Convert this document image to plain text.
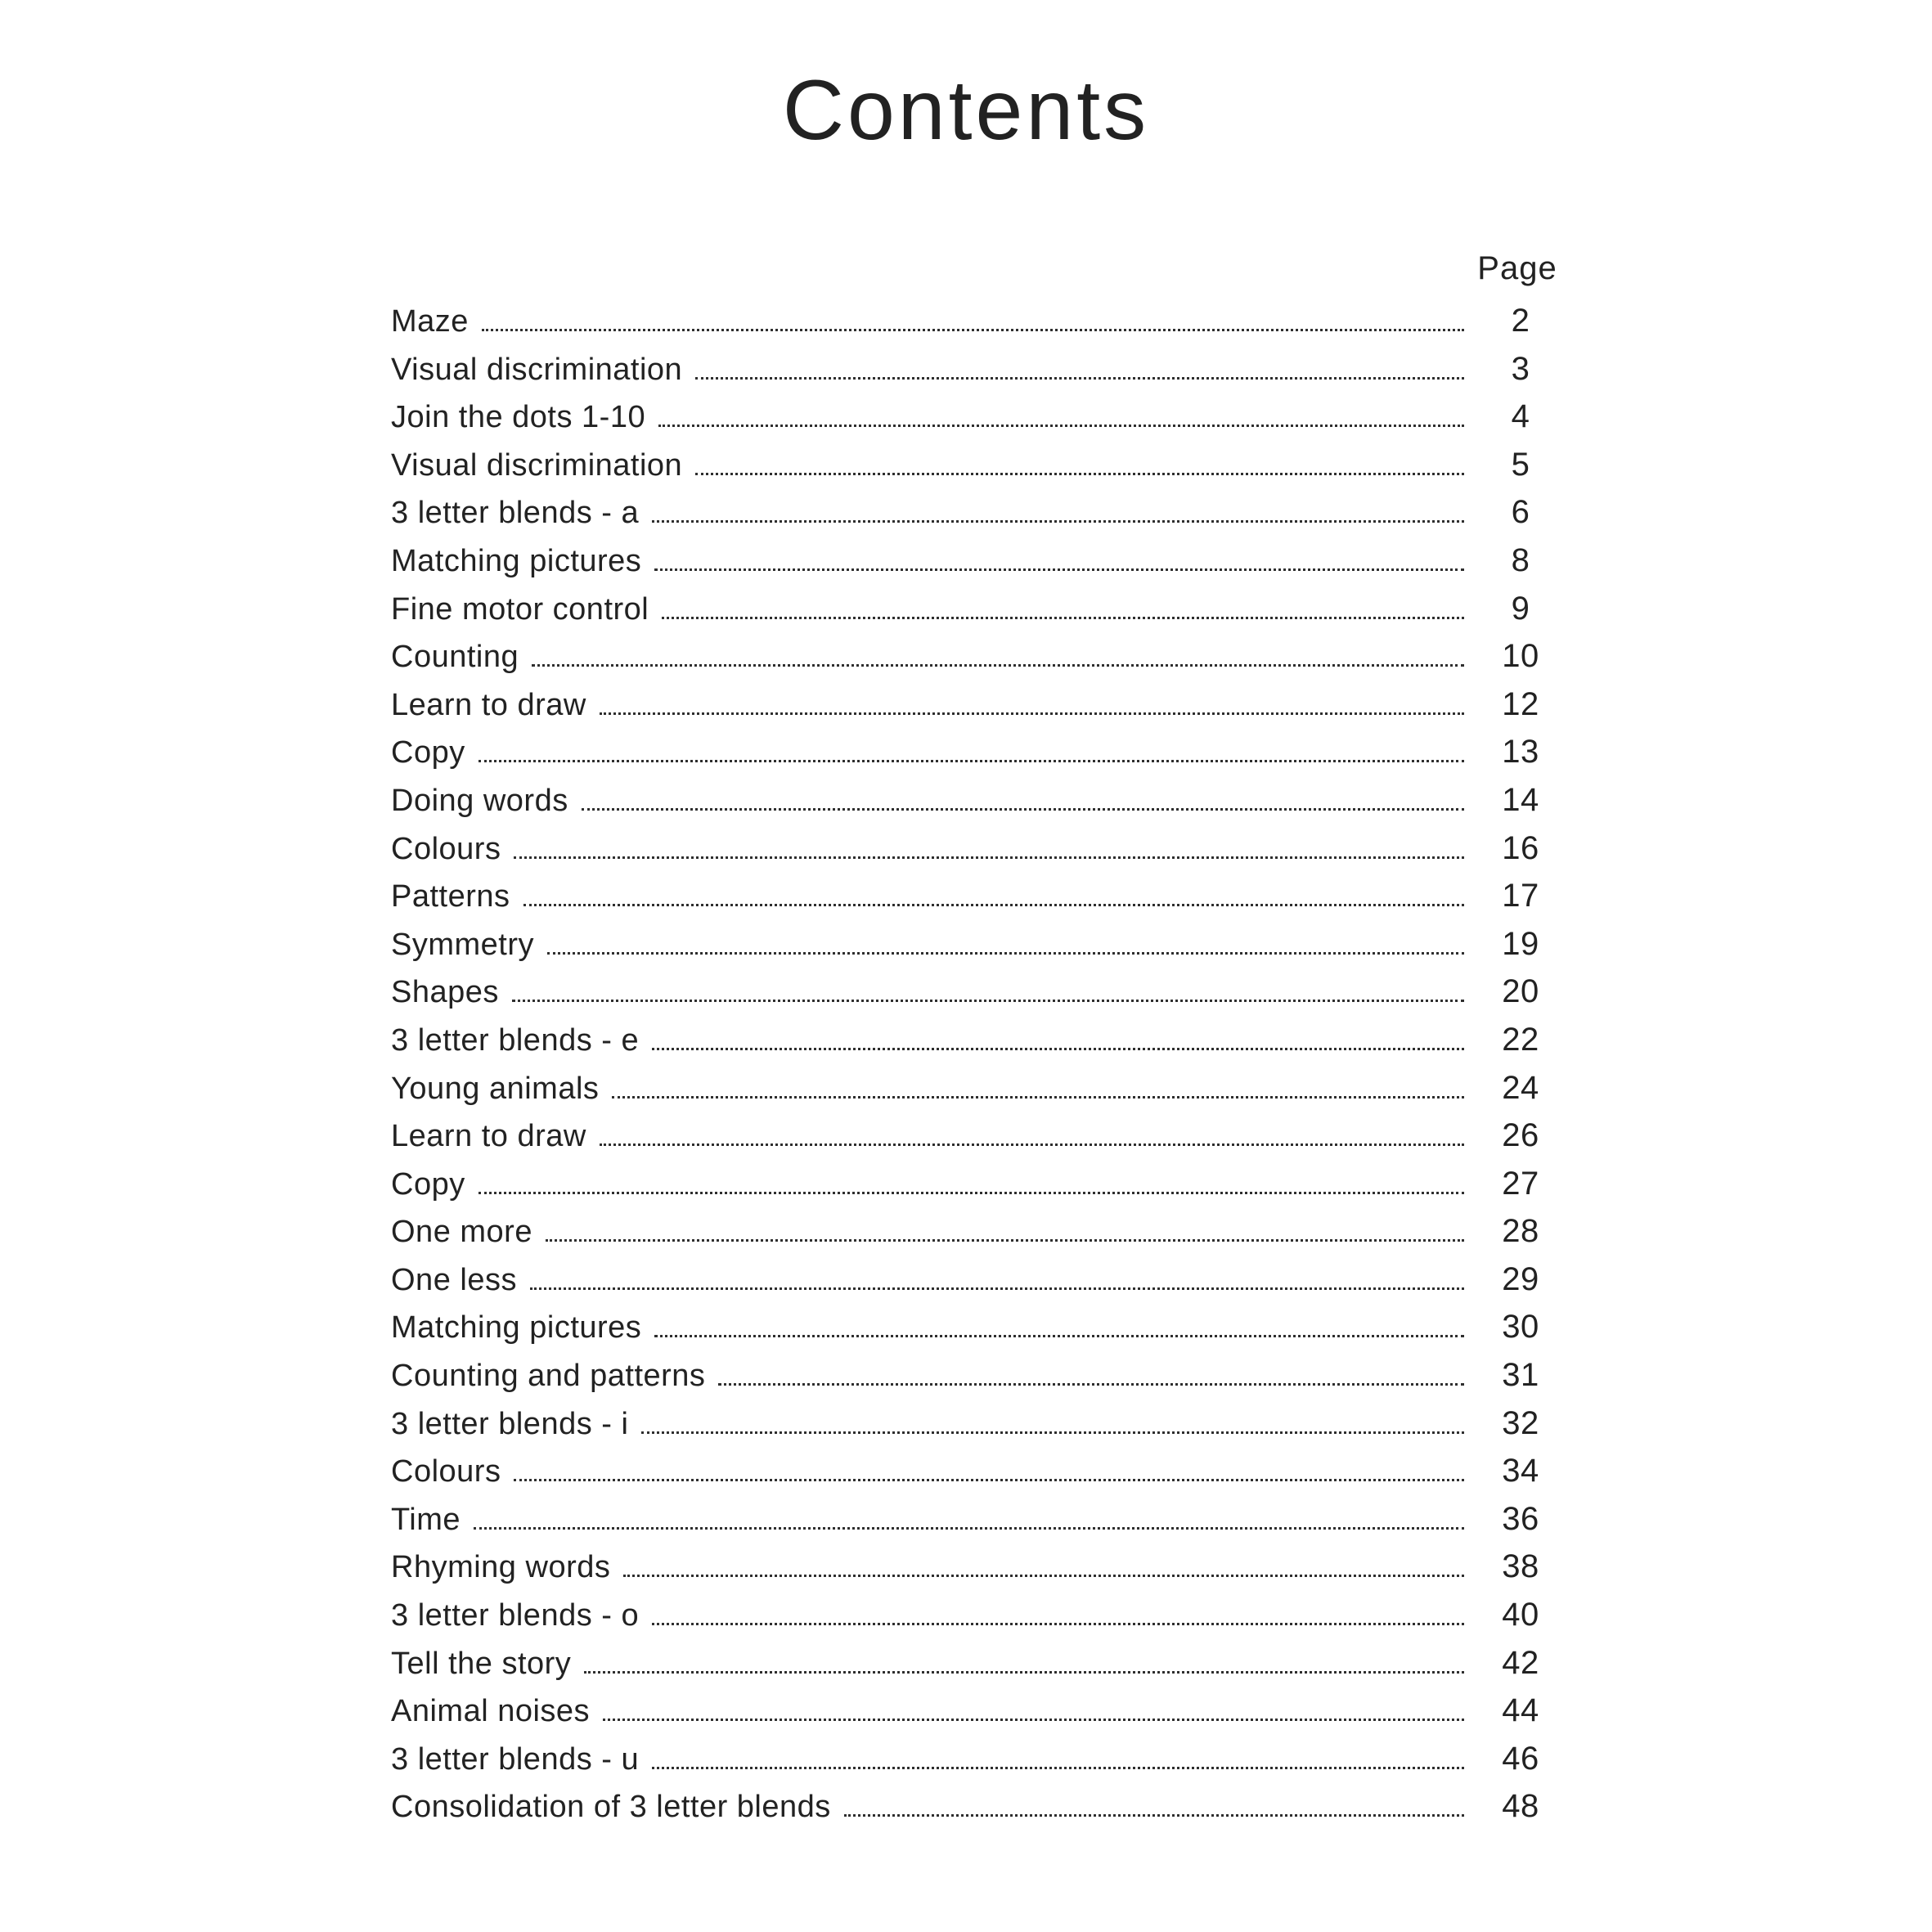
Contents
Page
Maze	2
Visual discrimination	3
Join the dots 1-10	4
Visual discrimination	5
3 letter blends - a	6
Matching pictures	8
Fine motor control	9
Counting	10
Learn to draw	12
Copy	13
Doing words	14
Colours	16
Patterns	17
Symmetry	19
Shapes	20
3 letter blends - e	22
Young animals	24
Learn to draw	26
Copy	27
One more	28
One less	29
Matching pictures	30
Counting and patterns	31
3 letter blends - i	32
Colours	34
Time	36
Rhyming words	38
3 letter blends - o	40
Tell the story	42
Animal noises	44
3 letter blends - u	46
Consolidation of 3 letter blends	48
